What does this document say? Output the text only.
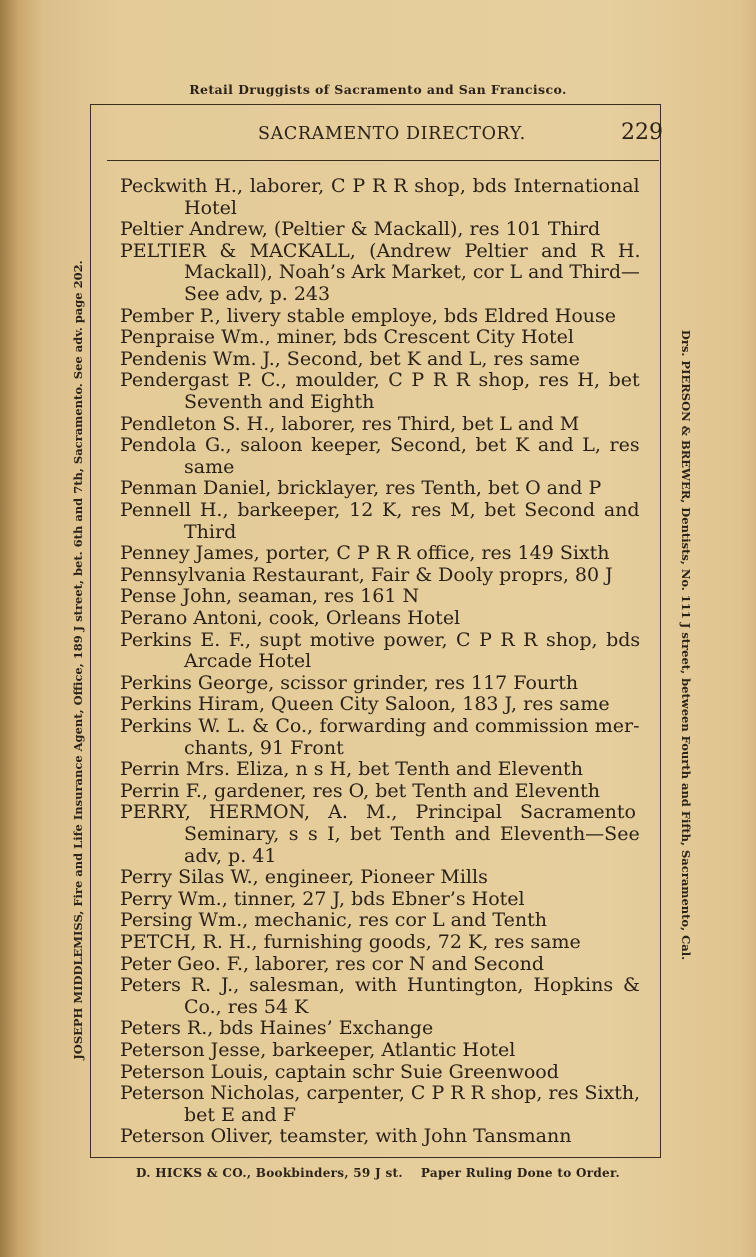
Retail Druggists of Sacramento and San Francisco.
JOSEPH MIDDLEMISS, Fire and Life Insurance Agent, Office, 189 J street, bet. 6th and 7th, Sacramento. See adv. page 202.	Drs. PIERSON & BREWER, Dentists, No. 111 J street, between Fourth and Fifth, Sacramento, Cal.
SACRAMENTO DIRECTORY.	229
Peckwith H., laborer, C P R R shop, bds International
Hotel
Peltier Andrew, (Peltier & Mackall), res 101 Third
PELTIER & MACKALL, (Andrew Peltier and R H.
Mackall), Noah’s Ark Market, cor L and Third—
See adv, p. 243
Pember P., livery stable employe, bds Eldred House
Penpraise Wm., miner, bds Crescent City Hotel
Pendenis Wm. J., Second, bet K and L, res same
Pendergast P. C., moulder, C P R R shop, res H, bet
Seventh and Eighth
Pendleton S. H., laborer, res Third, bet L and M
Pendola G., saloon keeper, Second, bet K and L, res
same
Penman Daniel, bricklayer, res Tenth, bet O and P
Pennell H., barkeeper, 12 K, res M, bet Second and
Third
Penney James, porter, C P R R office, res 149 Sixth
Pennsylvania Restaurant, Fair & Dooly proprs, 80 J
Pense John, seaman, res 161 N
Perano Antoni, cook, Orleans Hotel
Perkins E. F., supt motive power, C P R R shop, bds
Arcade Hotel
Perkins George, scissor grinder, res 117 Fourth
Perkins Hiram, Queen City Saloon, 183 J, res same
Perkins W. L. & Co., forwarding and commission mer-
chants, 91 Front
Perrin Mrs. Eliza, n s H, bet Tenth and Eleventh
Perrin F., gardener, res O, bet Tenth and Eleventh
PERRY, HERMON, A. M., Principal Sacramento
Seminary, s s I, bet Tenth and Eleventh—See
adv, p. 41
Perry Silas W., engineer, Pioneer Mills
Perry Wm., tinner, 27 J, bds Ebner’s Hotel
Persing Wm., mechanic, res cor L and Tenth
PETCH, R. H., furnishing goods, 72 K, res same
Peter Geo. F., laborer, res cor N and Second
Peters R. J., salesman, with Huntington, Hopkins &
Co., res 54 K
Peters R., bds Haines’ Exchange
Peterson Jesse, barkeeper, Atlantic Hotel
Peterson Louis, captain schr Suie Greenwood
Peterson Nicholas, carpenter, C P R R shop, res Sixth,
bet E and F
Peterson Oliver, teamster, with John Tansmann
D. HICKS & CO., Bookbinders, 59 J st. Paper Ruling Done to Order.
